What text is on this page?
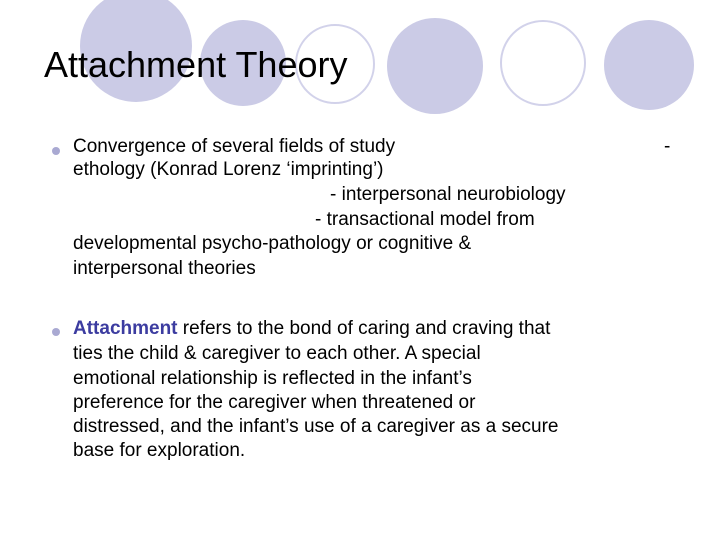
Attachment Theory
Convergence of several fields of study	-
ethology (Konrad Lorenz ‘imprinting’)
- interpersonal neurobiology
- transactional model from
developmental psycho-pathology or cognitive &
interpersonal theories
Attachment refers to the bond of caring and craving that
ties the child & caregiver to each other. A special
emotional relationship is reflected in the infant’s
preference for the caregiver when threatened or
distressed, and the infant’s use of a caregiver as a secure
base for exploration.
